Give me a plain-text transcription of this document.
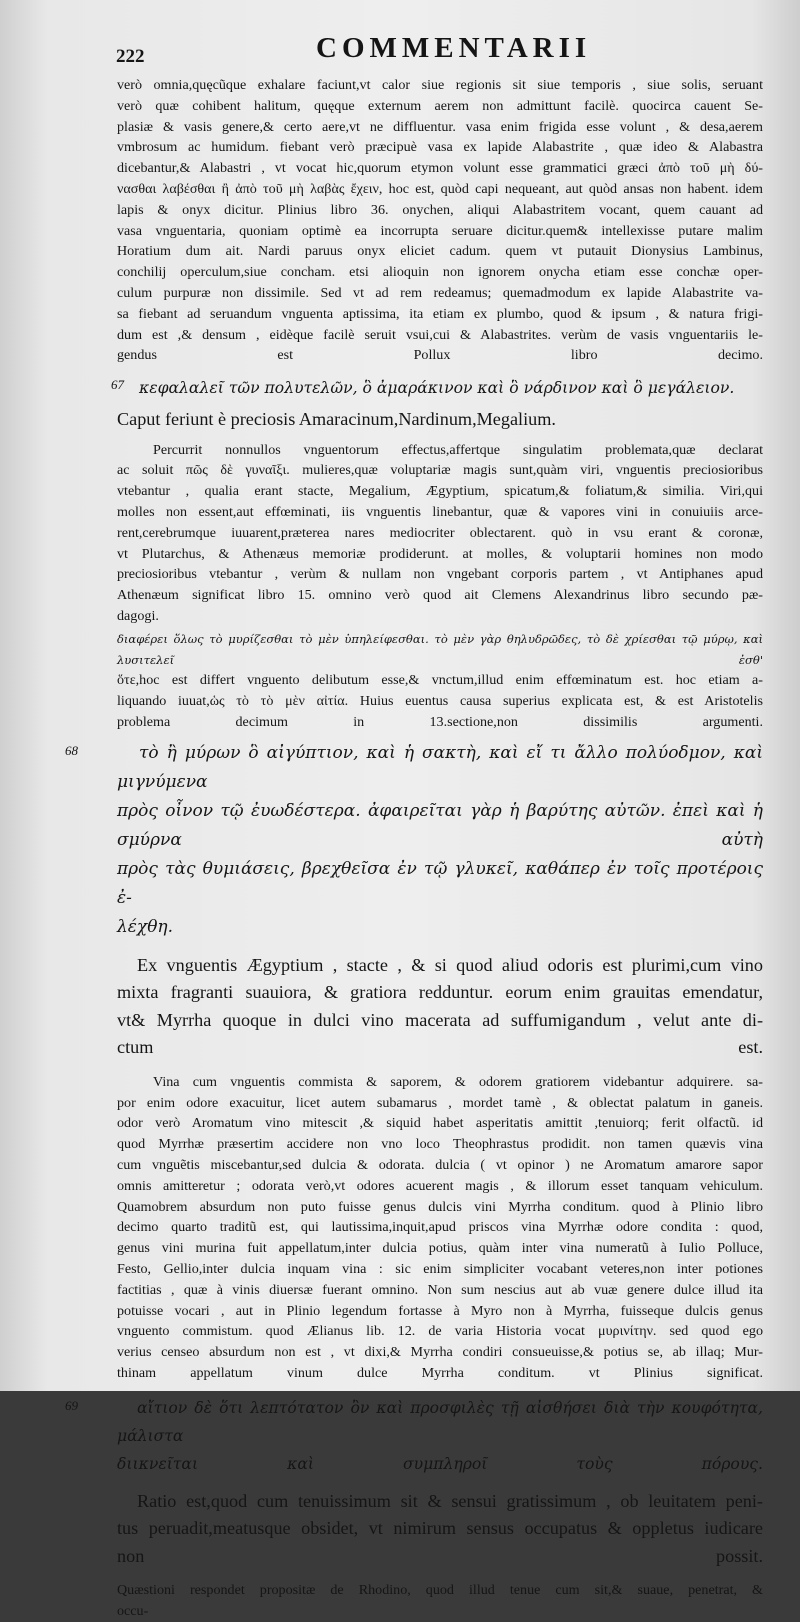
222	COMMENTARII
verò omnia,quęcũque exhalare faciunt,vt calor siue regionis sit siue temporis , siue solis, seruant
verò quæ cohibent halitum, quęque externum aerem non admittunt facilè. quocirca cauent Se-
plasiæ & vasis genere,& certo aere,vt ne diffluentur. vasa enim frigida esse volunt , & desa,aerem
vmbrosum ac humidum. fiebant verò præcipuè vasa ex lapide Alabastrite , quæ ideo & Alabastra
dicebantur,& Alabastri , vt vocat hic,quorum etymon volunt esse grammatici græci ἀπὸ τοῦ μὴ δύ-
νασθαι λαβέσθαι ἢ ἀπὸ τοῦ μὴ λαβὰς ἔχειν, hoc est, quòd capi nequeant, aut quòd ansas non habent. idem
lapis & onyx dicitur. Plinius libro 36. onychen, aliqui Alabastritem vocant, quem cauant ad
vasa vnguentaria, quoniam optimè ea incorrupta seruare dicitur.quem& intellexisse putare malim
Horatium dum ait. Nardi paruus onyx eliciet cadum. quem vt putauit Dionysius Lambinus,
conchilij operculum,siue concham. etsi alioquin non ignorem onycha etiam esse conchæ oper-
culum purpuræ non dissimile. Sed vt ad rem redeamus; quemadmodum ex lapide Alabastrite va-
sa fiebant ad seruandum vnguenta aptissima, ita etiam ex plumbo, quod & ipsum , & natura frigi-
dum est ,& densum , eidèque facilè seruit vsui,cui & Alabastrites. verùm de vasis vnguentariis le-
gendus est Pollux libro decimo.
67 κεφαλαλεῖ τῶν πολυτελῶν, ὃ ἀμαράκινον καὶ ὃ νάρδινον καὶ ὃ μεγάλειον.
Caput feriunt è preciosis Amaracinum,Nardinum,Megalium.
Percurrit nonnullos vnguentorum effectus,affertque singulatim problemata,quæ declarat
ac soluit πῶς δὲ γυναῖξι. mulieres,quæ voluptariæ magis sunt,quàm viri, vnguentis preciosioribus
vtebantur , qualia erant stacte, Megalium, Ægyptium, spicatum,& foliatum,& similia. Viri,qui
molles non essent,aut effœminati, iis vnguentis linebantur, quæ & vapores vini in conuiuiis arce-
rent,cerebrumque iuuarent,præterea nares mediocriter oblectarent. quò in vsu erant & coronæ,
vt Plutarchus, & Athenæus memoriæ prodiderunt. at molles, & voluptarii homines non modo
preciosioribus vtebantur , verùm & nullam non vngebant corporis partem , vt Antiphanes apud
Athenæum significat libro 15. omnino verò quod ait Clemens Alexandrinus libro secundo pæ-
dagogi.
διαφέρει ὅλως τὸ μυρίζεσθαι τὸ μὲν ὑπηλείφεσθαι. τὸ μὲν γὰρ θηλυδρῶδες, τὸ δὲ χρίεσθαι τῷ μύρῳ, καὶ λυσιτελεῖ ἐσθ'
ὅτε,hoc est differt vnguento delibutum esse,& vnctum,illud enim effœminatum est. hoc etiam a-
liquando iuuat,ὡς τὸ τὸ μὲν αἰτία. Huius euentus causa superius explicata est, & est Aristotelis
problema decimum in 13.sectione,non dissimilis argumenti.
68	τὸ ἢ μύρων ὃ αἰγύπτιον, καὶ ἡ σακτὴ, καὶ εἴ τι ἄλλο πολύοδμον, καὶ μιγνύμενα
πρὸς οἶνον τῷ ἐυωδέστερα. ἀφαιρεῖται γὰρ ἡ βαρύτης αὐτῶν. ἐπεὶ καὶ ἡ σμύρνα αὐτὴ
πρὸς τὰς θυμιάσεις, βρεχθεῖσα ἐν τῷ γλυκεῖ, καθάπερ ἐν τοῖς προτέροις ἐ-
λέχθη.
Ex vnguentis Ægyptium , stacte , & si quod aliud odoris est plurimi,cum vino
mixta fragranti suauiora, & gratiora redduntur. eorum enim grauitas emendatur,
vt& Myrrha quoque in dulci vino macerata ad suffumigandum , velut ante di-
ctum est.
Vina cum vnguentis commista & saporem, & odorem gratiorem videbantur adquirere. sa-
por enim odore exacuitur, licet autem subamarus , mordet tamè , & oblectat palatum in ganeis.
odor verò Aromatum vino mitescit ,& siquid habet asperitatis amittit ,tenuiorq; ferit olfactũ. id
quod Myrrhæ præsertim accidere non vno loco Theophrastus prodidit. non tamen quævis vina
cum vnguẽtis miscebantur,sed dulcia & odorata. dulcia ( vt opinor ) ne Aromatum amarore sapor
omnis amitteretur ; odorata verò,vt odores acuerent magis , & illorum esset tanquam vehiculum.
Quamobrem absurdum non puto fuisse genus dulcis vini Myrrha conditum. quod à Plinio libro
decimo quarto traditũ est, qui lautissima,inquit,apud priscos vina Myrrhæ odore condita : quod,
genus vini murina fuit appellatum,inter dulcia potius, quàm inter vina numeratũ à Iulio Polluce,
Festo, Gellio,inter dulcia inquam vina : sic enim simpliciter vocabant veteres,non inter potiones
factitias , quæ à vinis diuersæ fuerant omnino. Non sum nescius aut ab vuæ genere dulce illud ita
potuisse vocari , aut in Plinio legendum fortasse à Myro non à Myrrha, fuisseque dulcis genus
vnguento commistum. quod Ælianus lib. 12. de varia Historia vocat μυρινίτην. sed quod ego
verius censeo absurdum non est , vt dixi,& Myrrha condiri consueuisse,& potius se, ab illaq; Mur-
thinam appellatum vinum dulce Myrrha conditum. vt Plinius significat.
69	αἴτιον δὲ ὅτι λεπτότατον ὂν καὶ προσφιλὲς τῇ αἰσθήσει διὰ τὴν κουφότητα, μάλιστα
διικνεῖται καὶ συμπληροῖ τοὺς πόρους.
Ratio est,quod cum tenuissimum sit & sensui gratissimum , ob leuitatem peni-
tus peruadit,meatusque obsidet, vt nimirum sensus occupatus & oppletus iudicare
non possit.
Quæstioni respondet propositæ de Rhodino, quod illud tenue cum sit,& suaue, penetrat, &
occu-
